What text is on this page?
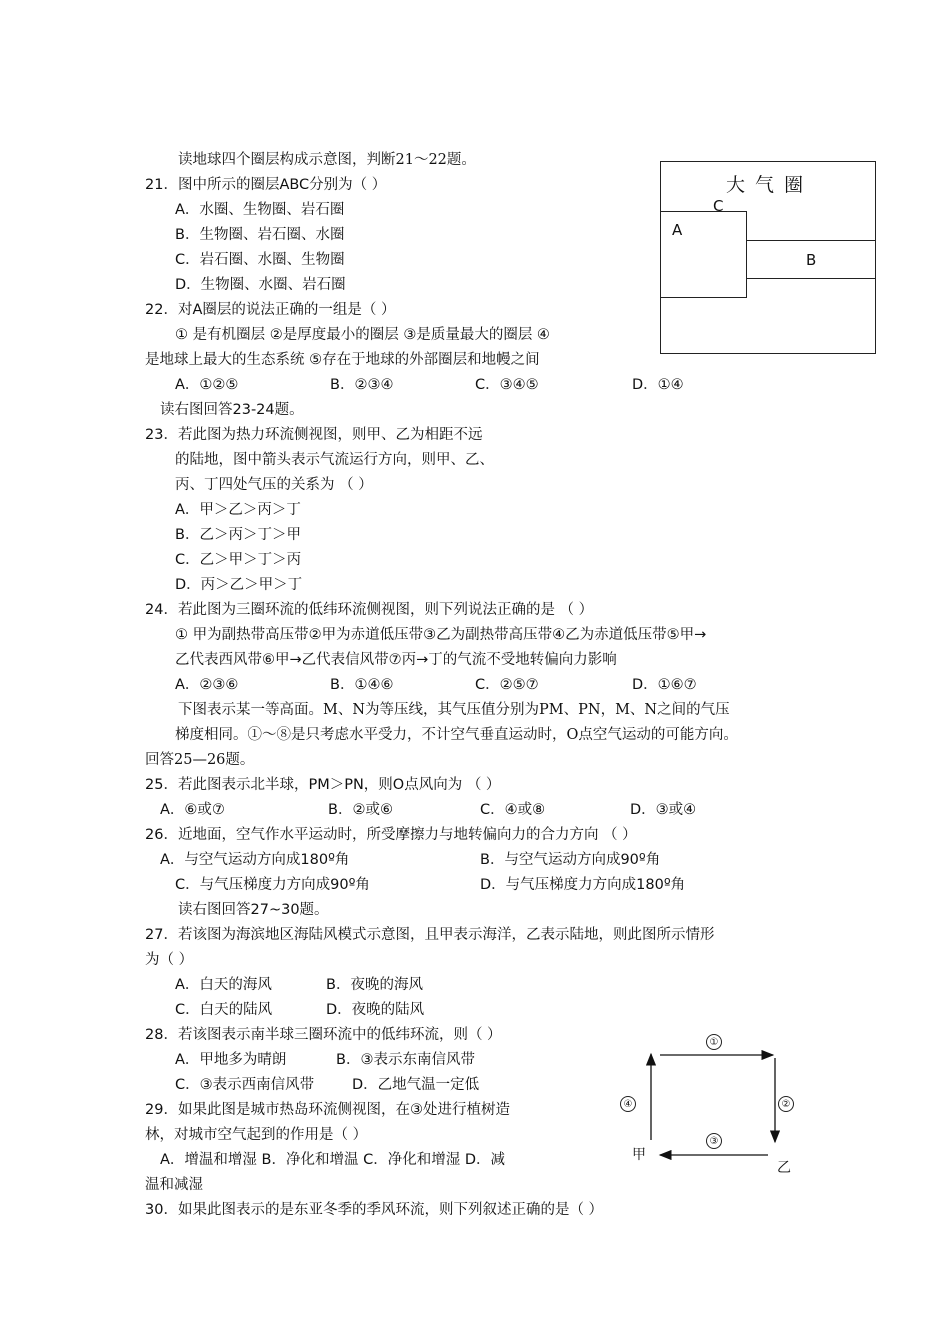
读地球四个圈层构成示意图，判断21～22题。
21．图中所示的圈层ABC分别为（ ）
A．水圈、生物圈、岩石圈
B．生物圈、岩石圈、水圈
C．岩石圈、水圈、生物圈
D．生物圈、水圈、岩石圈
22．对A圈层的说法正确的一组是（ ）
① 是有机圈层 ②是厚度最小的圈层 ③是质量最大的圈层 ④
是地球上最大的生态系统 ⑤存在于地球的外部圈层和地幔之间
A．①②⑤	B．②③④	C．③④⑤	D．①④
读右图回答23-24题。
23．若此图为热力环流侧视图，则甲、乙为相距不远
的陆地，图中箭头表示气流运行方向，则甲、乙、
丙、丁四处气压的关系为 （ ）
A．甲＞乙＞丙＞丁
B．乙＞丙＞丁＞甲
C．乙＞甲＞丁＞丙
D．丙＞乙＞甲＞丁
24．若此图为三圈环流的低纬环流侧视图，则下列说法正确的是 （ ）
① 甲为副热带高压带②甲为赤道低压带③乙为副热带高压带④乙为赤道低压带⑤甲→
乙代表西风带⑥甲→乙代表信风带⑦丙→丁的气流不受地转偏向力影响
A．②③⑥	B．①④⑥	C．②⑤⑦	D．①⑥⑦
下图表示某一等高面。M、N为等压线，其气压值分别为PM、PN，M、N之间的气压
梯度相同。①～⑧是只考虑水平受力，不计空气垂直运动时，O点空气运动的可能方向。
回答25—26题。
25．若此图表示北半球，PM＞PN，则O点风向为 （ ）
A．⑥或⑦	B．②或⑥	C．④或⑧	D．③或④
26．近地面，空气作水平运动时，所受摩擦力与地转偏向力的合力方向 （ ）
A．与空气运动方向成180º角	B．与空气运动方向成90º角
C．与气压梯度力方向成90º角	D．与气压梯度力方向成180º角
读右图回答27~30题。
27．若该图为海滨地区海陆风模式示意图，且甲表示海洋，乙表示陆地，则此图所示情形
为（ ）
A．白天的海风	B．夜晚的海风
C．白天的陆风	D．夜晚的陆风
28．若该图表示南半球三圈环流中的低纬环流，则（ ）
A．甲地多为晴朗	B．③表示东南信风带
C．③表示西南信风带	D．乙地气温一定低
29．如果此图是城市热岛环流侧视图，在③处进行植树造
林，对城市空气起到的作用是（ ）
A．增温和增湿 B．净化和增温 C．净化和增湿 D．减
温和减湿
30．如果此图表示的是东亚冬季的季风环流，则下列叙述正确的是（ ）
大 气 圈
C
A
B
①
②
③
④
甲
乙
